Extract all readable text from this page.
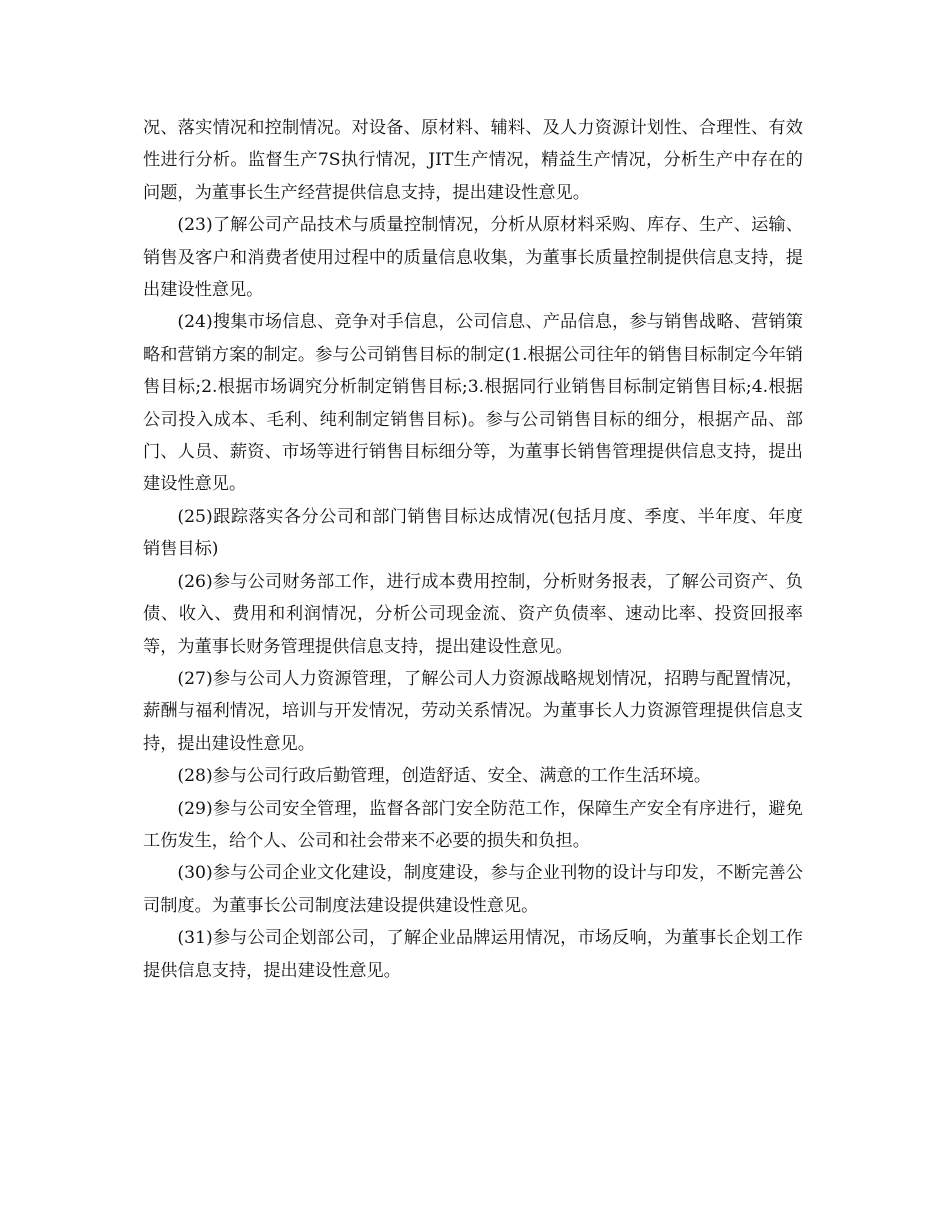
况、落实情况和控制情况。对设备、原材料、辅料、及人力资源计划性、合理性、有效性进行分析。监督生产7S执行情况，JIT生产情况，精益生产情况，分析生产中存在的问题，为董事长生产经营提供信息支持，提出建设性意见。

(23)了解公司产品技术与质量控制情况，分析从原材料采购、库存、生产、运输、销售及客户和消费者使用过程中的质量信息收集，为董事长质量控制提供信息支持，提出建设性意见。

(24)搜集市场信息、竞争对手信息，公司信息、产品信息，参与销售战略、营销策略和营销方案的制定。参与公司销售目标的制定(1.根据公司往年的销售目标制定今年销售目标;2.根据市场调究分析制定销售目标;3.根据同行业销售目标制定销售目标;4.根据公司投入成本、毛利、纯利制定销售目标)。参与公司销售目标的细分，根据产品、部门、人员、薪资、市场等进行销售目标细分等，为董事长销售管理提供信息支持，提出建设性意见。

(25)跟踪落实各分公司和部门销售目标达成情况(包括月度、季度、半年度、年度销售目标)

(26)参与公司财务部工作，进行成本费用控制，分析财务报表，了解公司资产、负债、收入、费用和利润情况，分析公司现金流、资产负债率、速动比率、投资回报率等，为董事长财务管理提供信息支持，提出建设性意见。

(27)参与公司人力资源管理，了解公司人力资源战略规划情况，招聘与配置情况，薪酬与福利情况，培训与开发情况，劳动关系情况。为董事长人力资源管理提供信息支持，提出建设性意见。

(28)参与公司行政后勤管理，创造舒适、安全、满意的工作生活环境。

(29)参与公司安全管理，监督各部门安全防范工作，保障生产安全有序进行，避免工伤发生，给个人、公司和社会带来不必要的损失和负担。

(30)参与公司企业文化建设，制度建设，参与企业刊物的设计与印发，不断完善公司制度。为董事长公司制度法建设提供建设性意见。

(31)参与公司企划部公司，了解企业品牌运用情况，市场反响，为董事长企划工作提供信息支持，提出建设性意见。
